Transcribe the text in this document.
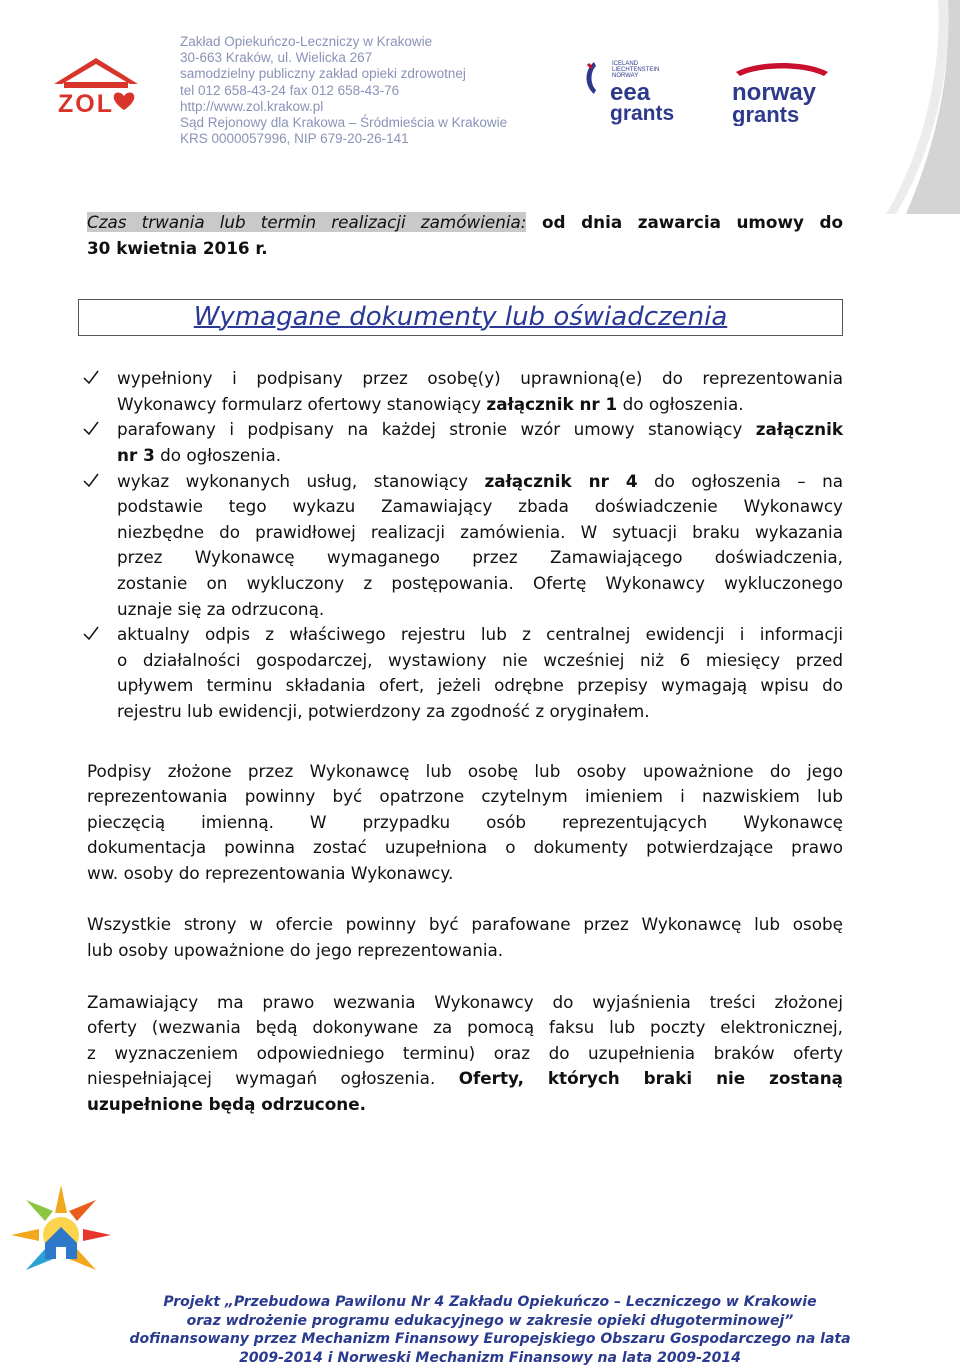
Zakład Opiekuńczo-Leczniczy w Krakowie
30-663 Kraków, ul. Wielicka 267
samodzielny publiczny zakład opieki zdrowotnej
tel 012 658-43-24 fax 012 658-43-76
http://www.zol.krakow.pl
Sąd Rejonowy dla Krakowa – Śródmieścia w Krakowie
KRS 0000057996, NIP 679-20-26-141
ZOL
ICELAND
LIECHTENSTEIN
NORWAY
eea
grants
norway
grants

Czas trwania lub termin realizacji zamówienia: od dnia zawarcia umowy do

30 kwietnia 2016 r.

Wymagane dokumenty lub oświadczenia

wypełniony i podpisany przez osobę(y) uprawnioną(e) do reprezentowania

Wykonawcy formularz ofertowy stanowiący załącznik nr 1 do ogłoszenia.

parafowany i podpisany na każdej stronie wzór umowy stanowiący załącznik

nr 3 do ogłoszenia.

wykaz wykonanych usług, stanowiący załącznik nr 4 do ogłoszenia – na

podstawie tego wykazu Zamawiający zbada doświadczenie Wykonawcy

niezbędne do prawidłowej realizacji zamówienia. W sytuacji braku wykazania

przez Wykonawcę wymaganego przez Zamawiającego doświadczenia,

zostanie on wykluczony z postępowania. Ofertę Wykonawcy wykluczonego

uznaje się za odrzuconą.

aktualny odpis z właściwego rejestru lub z centralnej ewidencji i informacji

o działalności gospodarczej, wystawiony nie wcześniej niż 6 miesięcy przed

upływem terminu składania ofert, jeżeli odrębne przepisy wymagają wpisu do

rejestru lub ewidencji, potwierdzony za zgodność z oryginałem.

Podpisy złożone przez Wykonawcę lub osobę lub osoby upoważnione do jego

reprezentowania powinny być opatrzone czytelnym imieniem i nazwiskiem lub

pieczęcią imienną. W przypadku osób reprezentujących Wykonawcę

dokumentacja powinna zostać uzupełniona o dokumenty potwierdzające prawo

ww. osoby do reprezentowania Wykonawcy.

Wszystkie strony w ofercie powinny być parafowane przez Wykonawcę lub osobę

lub osoby upoważnione do jego reprezentowania.

Zamawiający ma prawo wezwania Wykonawcy do wyjaśnienia treści złożonej

oferty (wezwania będą dokonywane za pomocą faksu lub poczty elektronicznej,

z wyznaczeniem odpowiedniego terminu) oraz do uzupełnienia braków oferty

niespełniającej wymagań ogłoszenia. Oferty, których braki nie zostaną

uzupełnione będą odrzucone.

Projekt „Przebudowa Pawilonu Nr 4 Zakładu Opiekuńczo – Leczniczego w Krakowie
oraz wdrożenie programu edukacyjnego w zakresie opieki długoterminowej”
dofinansowany przez Mechanizm Finansowy Europejskiego Obszaru Gospodarczego na lata
2009-2014 i Norweski Mechanizm Finansowy na lata 2009-2014
